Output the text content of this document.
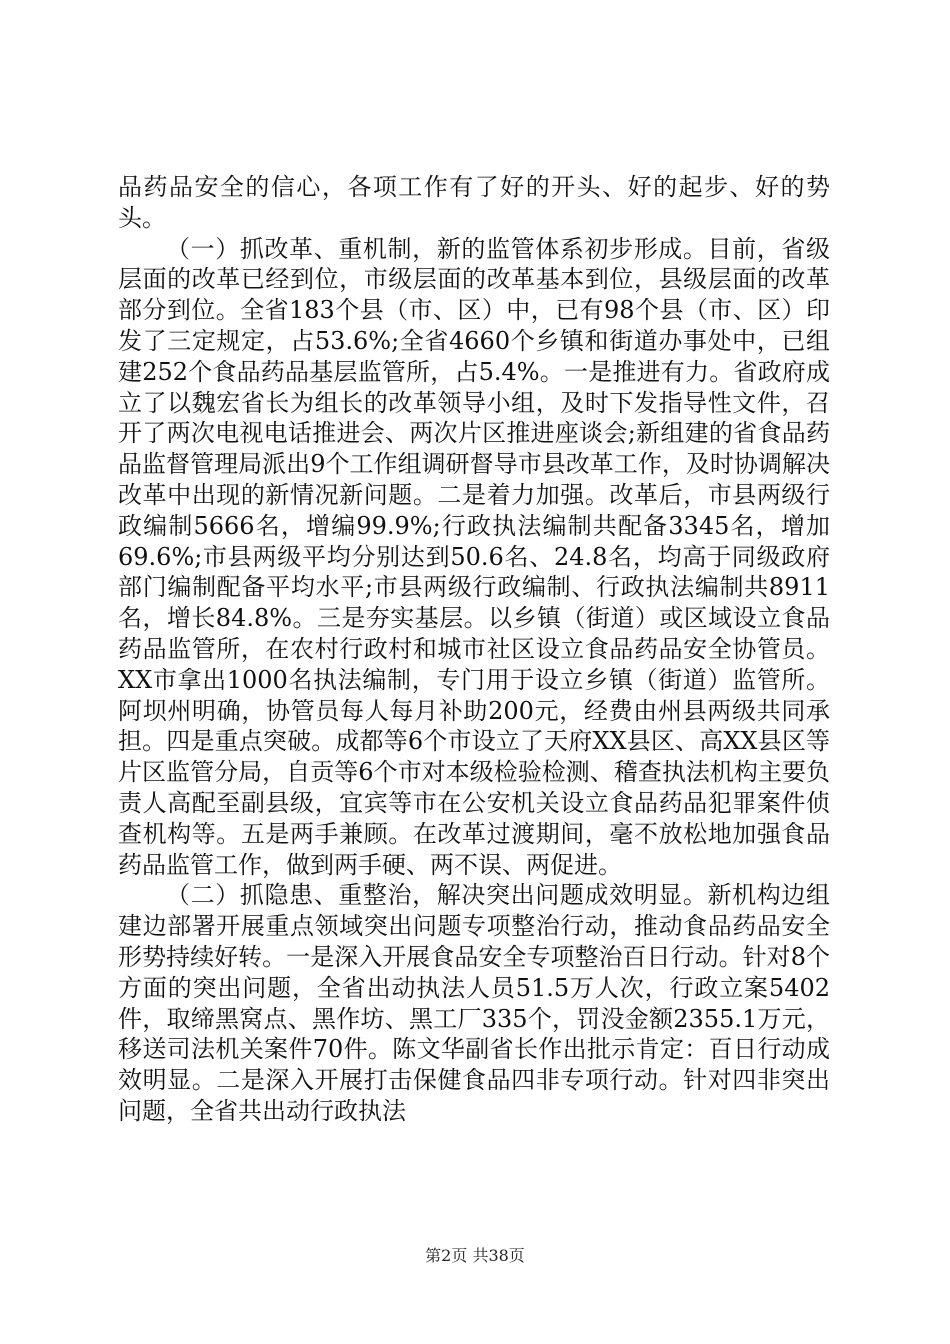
品药品安全的信心，各项工作有了好的开头、好的起步、好的势头。

（一）抓改革、重机制，新的监管体系初步形成。目前，省级层面的改革已经到位，市级层面的改革基本到位，县级层面的改革部分到位。全省183个县（市、区）中，已有98个县（市、区）印发了三定规定，占53.6%;全省4660个乡镇和街道办事处中，已组建252个食品药品基层监管所，占5.4%。一是推进有力。省政府成立了以魏宏省长为组长的改革领导小组，及时下发指导性文件，召开了两次电视电话推进会、两次片区推进座谈会;新组建的省食品药品监督管理局派出9个工作组调研督导市县改革工作，及时协调解决改革中出现的新情况新问题。二是着力加强。改革后，市县两级行政编制5666名，增编99.9%;行政执法编制共配备3345名，增加69.6%;市县两级平均分别达到50.6名、24.8名，均高于同级政府部门编制配备平均水平;市县两级行政编制、行政执法编制共8911名，增长84.8%。三是夯实基层。以乡镇（街道）或区域设立食品药品监管所，在农村行政村和城市社区设立食品药品安全协管员。XX市拿出1000名执法编制，专门用于设立乡镇（街道）监管所。阿坝州明确，协管员每人每月补助200元，经费由州县两级共同承担。四是重点突破。成都等6个市设立了天府XX县区、高XX县区等片区监管分局，自贡等6个市对本级检验检测、稽查执法机构主要负责人高配至副县级，宜宾等市在公安机关设立食品药品犯罪案件侦查机构等。五是两手兼顾。在改革过渡期间，毫不放松地加强食品药品监管工作，做到两手硬、两不误、两促进。

（二）抓隐患、重整治，解决突出问题成效明显。新机构边组建边部署开展重点领域突出问题专项整治行动，推动食品药品安全形势持续好转。一是深入开展食品安全专项整治百日行动。针对8个方面的突出问题，全省出动执法人员51.5万人次，行政立案5402件，取缔黑窝点、黑作坊、黑工厂335个，罚没金额2355.1万元，移送司法机关案件70件。陈文华副省长作出批示肯定：百日行动成效明显。二是深入开展打击保健食品四非专项行动。针对四非突出问题，全省共出动行政执法

第2页 共38页
